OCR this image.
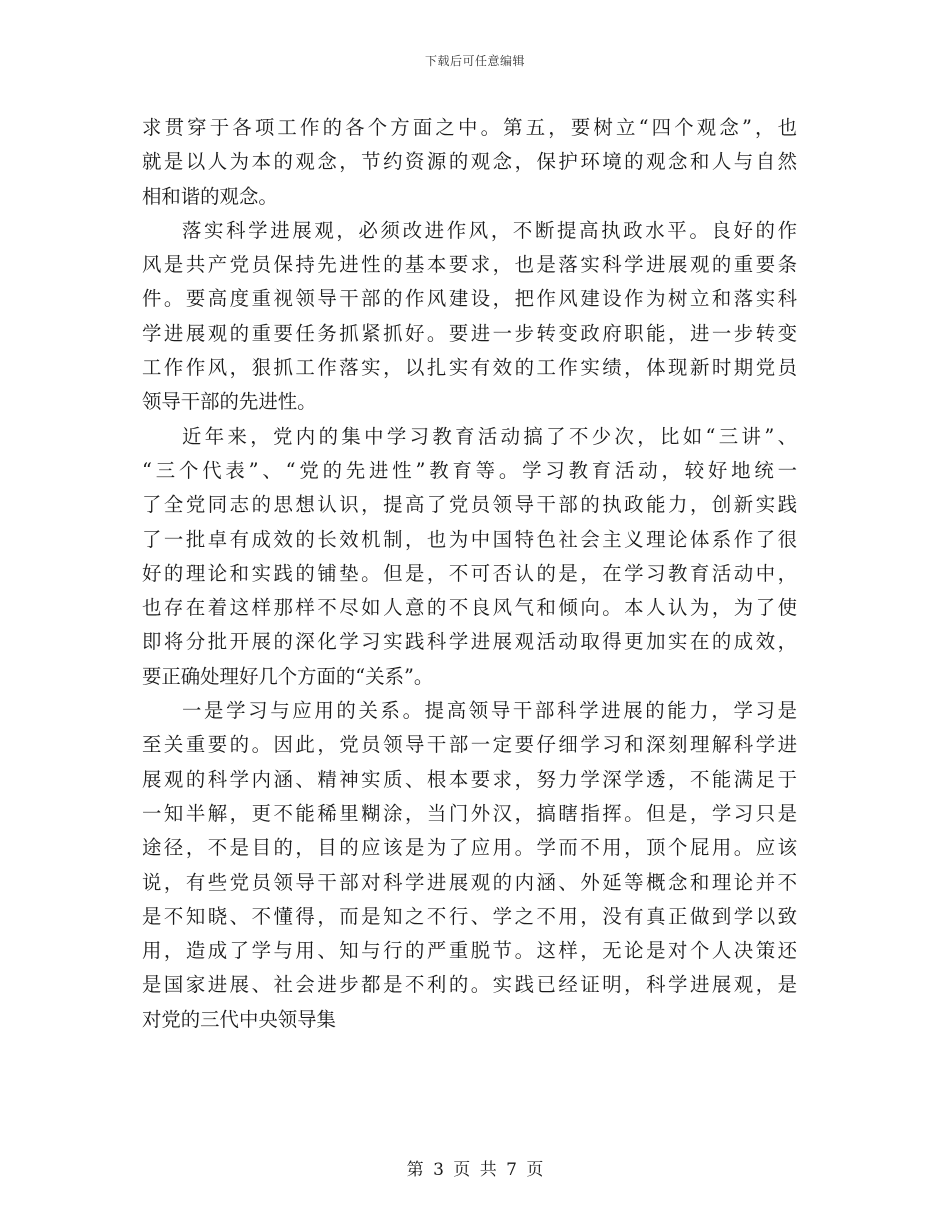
下载后可任意编辑
求贯穿于各项工作的各个方面之中。第五，要树立“四个观念”，也
就是以人为本的观念，节约资源的观念，保护环境的观念和人与自然
相和谐的观念。
落实科学进展观，必须改进作风，不断提高执政水平。良好的作
风是共产党员保持先进性的基本要求，也是落实科学进展观的重要条
件。要高度重视领导干部的作风建设，把作风建设作为树立和落实科
学进展观的重要任务抓紧抓好。要进一步转变政府职能，进一步转变
工作作风，狠抓工作落实，以扎实有效的工作实绩，体现新时期党员
领导干部的先进性。
近年来，党内的集中学习教育活动搞了不少次，比如“三讲”、
“三个代表”、“党的先进性”教育等。学习教育活动，较好地统一
了全党同志的思想认识，提高了党员领导干部的执政能力，创新实践
了一批卓有成效的长效机制，也为中国特色社会主义理论体系作了很
好的理论和实践的铺垫。但是，不可否认的是，在学习教育活动中，
也存在着这样那样不尽如人意的不良风气和倾向。本人认为，为了使
即将分批开展的深化学习实践科学进展观活动取得更加实在的成效，
要正确处理好几个方面的“关系”。
一是学习与应用的关系。提高领导干部科学进展的能力，学习是
至关重要的。因此，党员领导干部一定要仔细学习和深刻理解科学进
展观的科学内涵、精神实质、根本要求，努力学深学透，不能满足于
一知半解，更不能稀里糊涂，当门外汉，搞瞎指挥。但是，学习只是
途径，不是目的，目的应该是为了应用。学而不用，顶个屁用。应该
说，有些党员领导干部对科学进展观的内涵、外延等概念和理论并不
是不知晓、不懂得，而是知之不行、学之不用，没有真正做到学以致
用，造成了学与用、知与行的严重脱节。这样，无论是对个人决策还
是国家进展、社会进步都是不利的。实践已经证明，科学进展观，是
对党的三代中央领导集
第 3 页 共 7 页
